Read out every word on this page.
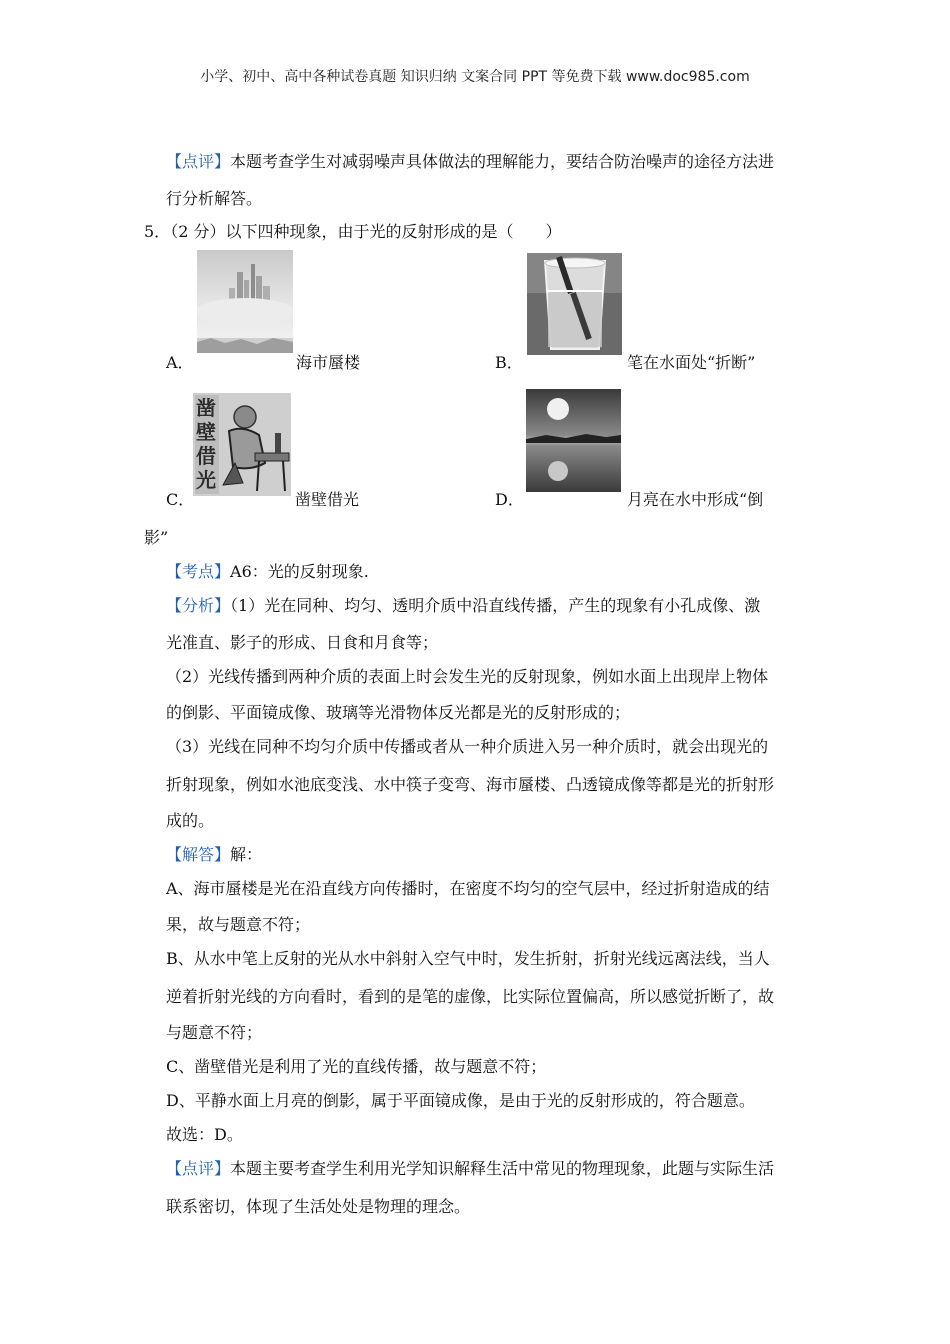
小学、初中、高中各种试卷真题 知识归纳 文案合同 PPT 等免费下载 www.doc985.com
【点评】本题考查学生对减弱噪声具体做法的理解能力，要结合防治噪声的途径方法进
行分析解答。
5．（2 分）以下四种现象，由于光的反射形成的是（　　）
A．	海市蜃楼	B．	笔在水面处“折断”
凿
壁
借
光
C．	凿壁借光	D．	月亮在水中形成“倒
影”
【考点】A6：光的反射现象.
【分析】（1）光在同种、均匀、透明介质中沿直线传播，产生的现象有小孔成像、激
光准直、影子的形成、日食和月食等；
（2）光线传播到两种介质的表面上时会发生光的反射现象，例如水面上出现岸上物体
的倒影、平面镜成像、玻璃等光滑物体反光都是光的反射形成的；
（3）光线在同种不均匀介质中传播或者从一种介质进入另一种介质时，就会出现光的
折射现象，例如水池底变浅、水中筷子变弯、海市蜃楼、凸透镜成像等都是光的折射形
成的。
【解答】解：
A、海市蜃楼是光在沿直线方向传播时，在密度不均匀的空气层中，经过折射造成的结
果，故与题意不符；
B、从水中笔上反射的光从水中斜射入空气中时，发生折射，折射光线远离法线，当人
逆着折射光线的方向看时，看到的是笔的虚像，比实际位置偏高，所以感觉折断了，故
与题意不符；
C、凿壁借光是利用了光的直线传播，故与题意不符；
D、平静水面上月亮的倒影，属于平面镜成像，是由于光的反射形成的，符合题意。
故选：D。
【点评】本题主要考查学生利用光学知识解释生活中常见的物理现象，此题与实际生活
联系密切，体现了生活处处是物理的理念。
